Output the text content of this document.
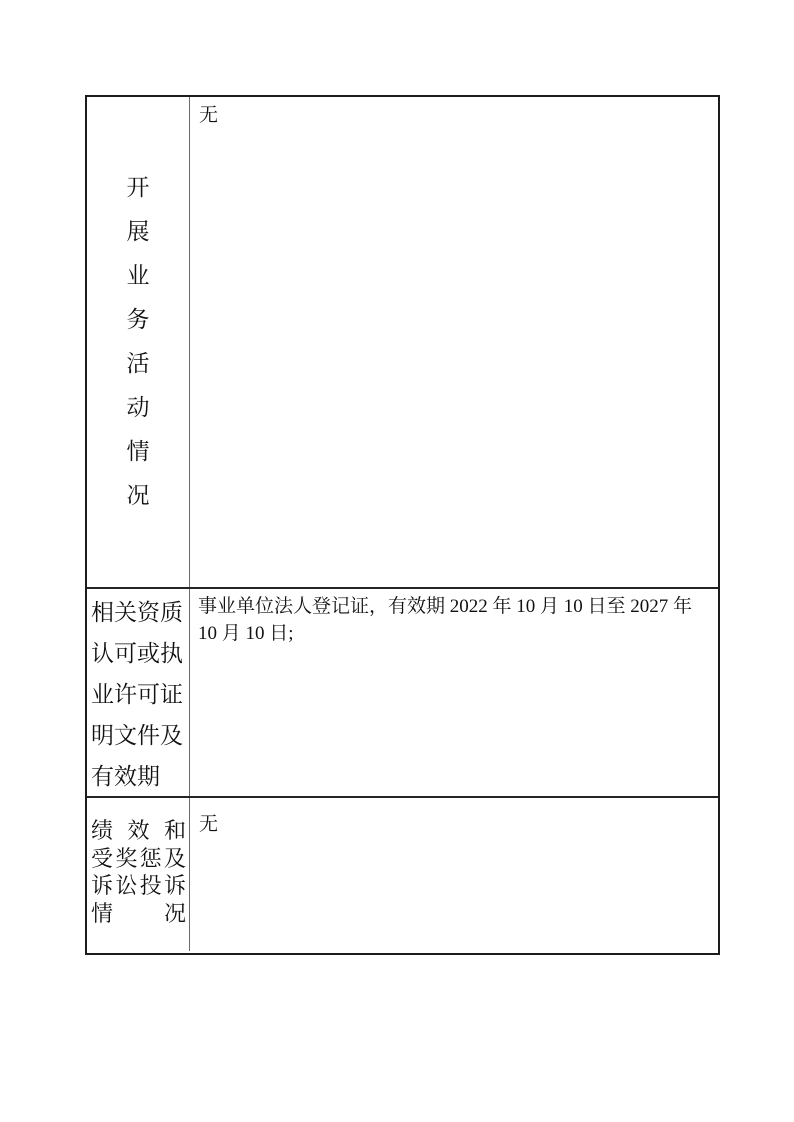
开
展
业
务
活
动
情
况
无
相关资质
认可或执
业许可证
明文件及
有效期
事业单位法人登记证，有效期 2022 年 10 月 10 日至 2027 年 10 月 10 日;
绩 效 和
受 奖 惩 及
诉 讼 投 诉
情 况
无
